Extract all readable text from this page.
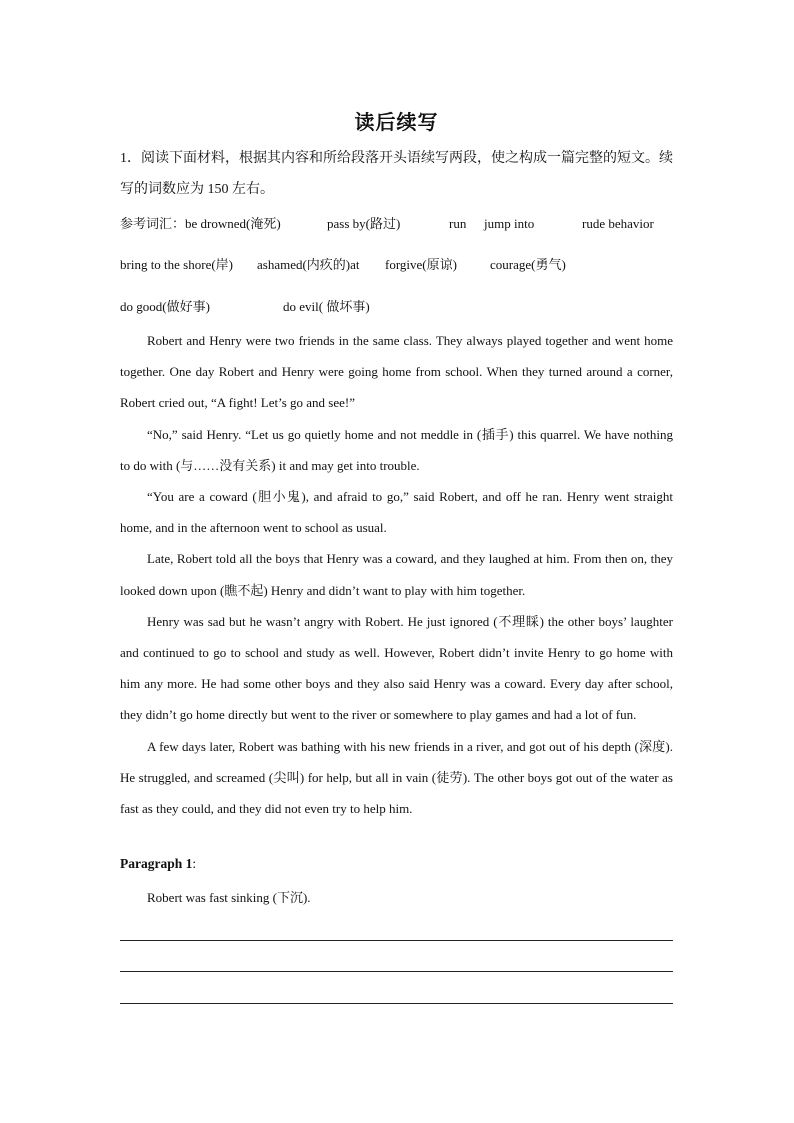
读后续写
1．阅读下面材料，根据其内容和所给段落开头语续写两段，使之构成一篇完整的短文。续写的词数应为 150 左右。
参考词汇：be drowned(淹死)	pass by(路过)	run jump into	rude behavior
bring to the shore(岸) ashamed(内疚的)at forgive(原谅)	courage(勇气)
do good(做好事)	do evil( 做坏事)

Robert and Henry were two friends in the same class. They always played together and went home together. One day Robert and Henry were going home from school. When they turned around a corner, Robert cried out, “A fight! Let’s go and see!”

“No,” said Henry. “Let us go quietly home and not meddle in (插手) this quarrel. We have nothing to do with (与……没有关系) it and may get into trouble.

“You are a coward (胆小鬼), and afraid to go,” said Robert, and off he ran. Henry went straight home, and in the afternoon went to school as usual.

Late, Robert told all the boys that Henry was a coward, and they laughed at him. From then on, they looked down upon (瞧不起) Henry and didn’t want to play with him together.

Henry was sad but he wasn’t angry with Robert. He just ignored (不理睬) the other boys’ laughter and continued to go to school and study as well. However, Robert didn’t invite Henry to go home with him any more. He had some other boys and they also said Henry was a coward. Every day after school, they didn’t go home directly but went to the river or somewhere to play games and had a lot of fun.

A few days later, Robert was bathing with his new friends in a river, and got out of his depth (深度). He struggled, and screamed (尖叫) for help, but all in vain (徒劳). The other boys got out of the water as fast as they could, and they did not even try to help him.

Paragraph 1:
Robert was fast sinking (下沉).
